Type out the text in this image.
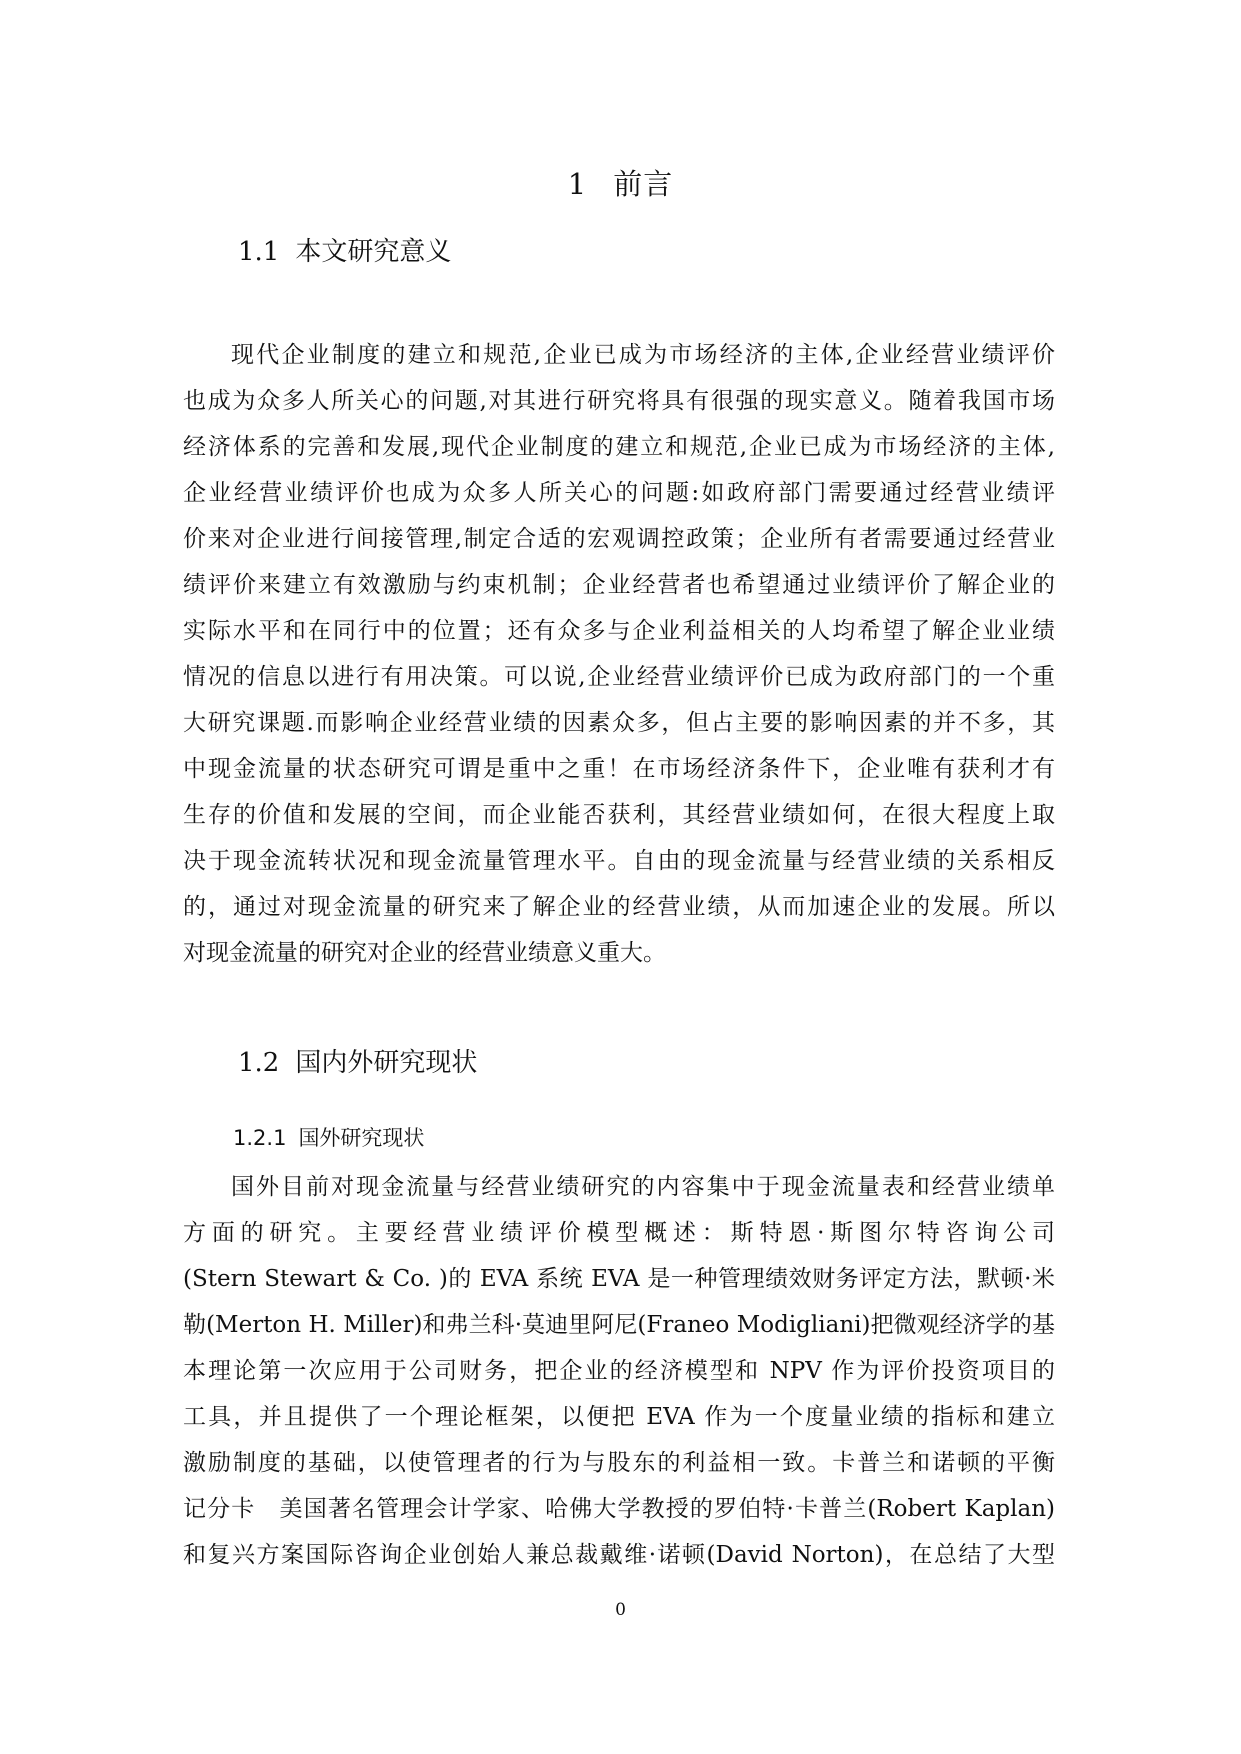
1 前言
1.1 本文研究意义
现代企业制度的建立和规范,企业已成为市场经济的主体,企业经营业绩评价
也成为众多人所关心的问题,对其进行研究将具有很强的现实意义。随着我国市场
经济体系的完善和发展,现代企业制度的建立和规范,企业已成为市场经济的主体,
企业经营业绩评价也成为众多人所关心的问题:如政府部门需要通过经营业绩评
价来对企业进行间接管理,制定合适的宏观调控政策；企业所有者需要通过经营业
绩评价来建立有效激励与约束机制；企业经营者也希望通过业绩评价了解企业的
实际水平和在同行中的位置；还有众多与企业利益相关的人均希望了解企业业绩
情况的信息以进行有用决策。可以说,企业经营业绩评价已成为政府部门的一个重
大研究课题.而影响企业经营业绩的因素众多，但占主要的影响因素的并不多，其
中现金流量的状态研究可谓是重中之重！在市场经济条件下，企业唯有获利才有
生存的价值和发展的空间，而企业能否获利，其经营业绩如何，在很大程度上取
决于现金流转状况和现金流量管理水平。自由的现金流量与经营业绩的关系相反
的，通过对现金流量的研究来了解企业的经营业绩，从而加速企业的发展。所以
对现金流量的研究对企业的经营业绩意义重大。
1.2 国内外研究现状
1.2.1 国外研究现状
国外目前对现金流量与经营业绩研究的内容集中于现金流量表和经营业绩单
方面的研究。主要经营业绩评价模型概述：斯特恩·斯图尔特咨询公司
(Stern Stewart & Co. )的 EVA 系统 EVA 是一种管理绩效财务评定方法，默顿·米
勒(Merton H. Miller)和弗兰科·莫迪里阿尼(Franeo Modigliani)把微观经济学的基
本理论第一次应用于公司财务，把企业的经济模型和 NPV 作为评价投资项目的
工具，并且提供了一个理论框架，以便把 EVA 作为一个度量业绩的指标和建立
激励制度的基础，以使管理者的行为与股东的利益相一致。卡普兰和诺顿的平衡
记分卡　美国著名管理会计学家、哈佛大学教授的罗伯特·卡普兰(Robert Kaplan)
和复兴方案国际咨询企业创始人兼总裁戴维·诺顿(David Norton)，在总结了大型
0
